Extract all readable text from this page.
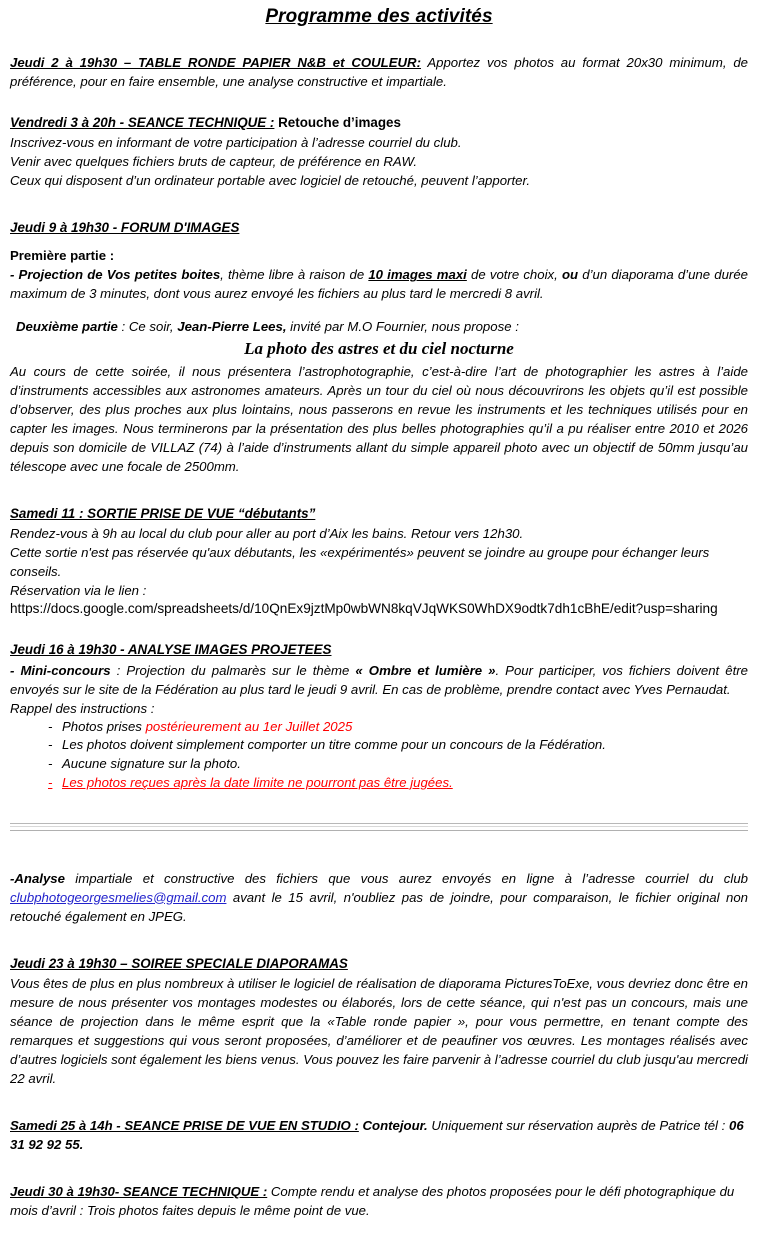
Programme des activités

Jeudi 2 à 19h30 – TABLE RONDE PAPIER N&B et COULEUR: Apportez vos photos au format 20x30 minimum, de préférence, pour en faire ensemble, une analyse constructive et impartiale.

Vendredi 3 à 20h - SEANCE TECHNIQUE : Retouche d’images

Inscrivez-vous en informant de votre participation à l’adresse courriel du club.

Venir avec quelques fichiers bruts de capteur, de préférence en RAW.

Ceux qui disposent d’un ordinateur portable avec logiciel de retouché, peuvent l’apporter.

Jeudi 9 à 19h30 - FORUM D'IMAGES

Première partie :

- Projection de Vos petites boites, thème libre à raison de 10 images maxi de votre choix, ou d’un diaporama d’une durée maximum de 3 minutes, dont vous aurez envoyé les fichiers au plus tard le mercredi 8 avril.

Deuxième partie : Ce soir, Jean-Pierre Lees, invité par M.O Fournier, nous propose :

La photo des astres et du ciel nocturne

Au cours de cette soirée, il nous présentera l’astrophotographie, c’est-à-dire l’art de photographier les astres à l’aide d’instruments accessibles aux astronomes amateurs. Après un tour du ciel où nous découvrirons les objets qu’il est possible d’observer, des plus proches aux plus lointains, nous passerons en revue les instruments et les techniques utilisés pour en capter les images. Nous terminerons par la présentation des plus belles photographies qu’il a pu réaliser entre 2010 et 2026 depuis son domicile de VILLAZ (74) à l’aide d’instruments allant du simple appareil photo avec un objectif de 50mm jusqu’au télescope avec une focale de 2500mm.

Samedi 11 : SORTIE PRISE DE VUE “débutants”

Rendez-vous à 9h au local du club pour aller au port d’Aix les bains. Retour vers 12h30.

Cette sortie n'est pas réservée qu'aux débutants, les «expérimentés» peuvent se joindre au groupe pour échanger leurs conseils.

Réservation via le lien :

https://docs.google.com/spreadsheets/d/10QnEx9jztMp0wbWN8kqVJqWKS0WhDX9odtk7dh1cBhE/edit?usp=sharing

Jeudi 16 à 19h30 - ANALYSE IMAGES PROJETEES

- Mini-concours : Projection du palmarès sur le thème « Ombre et lumière ». Pour participer, vos fichiers doivent être envoyés sur le site de la Fédération au plus tard le jeudi 9 avril. En cas de problème, prendre contact avec Yves Pernaudat.

Rappel des instructions :

- Photos prises postérieurement au 1er Juillet 2025
- Les photos doivent simplement comporter un titre comme pour un concours de la Fédération.
- Aucune signature sur la photo.
- Les photos reçues après la date limite ne pourront pas être jugées.

-Analyse impartiale et constructive des fichiers que vous aurez envoyés en ligne à l’adresse courriel du club clubphotogeorgesmelies@gmail.com avant le 15 avril, n'oubliez pas de joindre, pour comparaison, le fichier original non retouché également en JPEG.

Jeudi 23 à 19h30 – SOIREE SPECIALE DIAPORAMAS

Vous êtes de plus en plus nombreux à utiliser le logiciel de réalisation de diaporama PicturesToExe, vous devriez donc être en mesure de nous présenter vos montages modestes ou élaborés, lors de cette séance, qui n'est pas un concours, mais une séance de projection dans le même esprit que la «Table ronde papier », pour vous permettre, en tenant compte des remarques et suggestions qui vous seront proposées, d’améliorer et de peaufiner vos œuvres. Les montages réalisés avec d’autres logiciels sont également les biens venus. Vous pouvez les faire parvenir à l’adresse courriel du club jusqu'au mercredi 22 avril.

Samedi 25 à 14h - SEANCE PRISE DE VUE EN STUDIO : Contejour. Uniquement sur réservation auprès de Patrice tél : 06 31 92 92 55.

Jeudi 30 à 19h30- SEANCE TECHNIQUE : Compte rendu et analyse des photos proposées pour le défi photographique du mois d’avril : Trois photos faites depuis le même point de vue.
